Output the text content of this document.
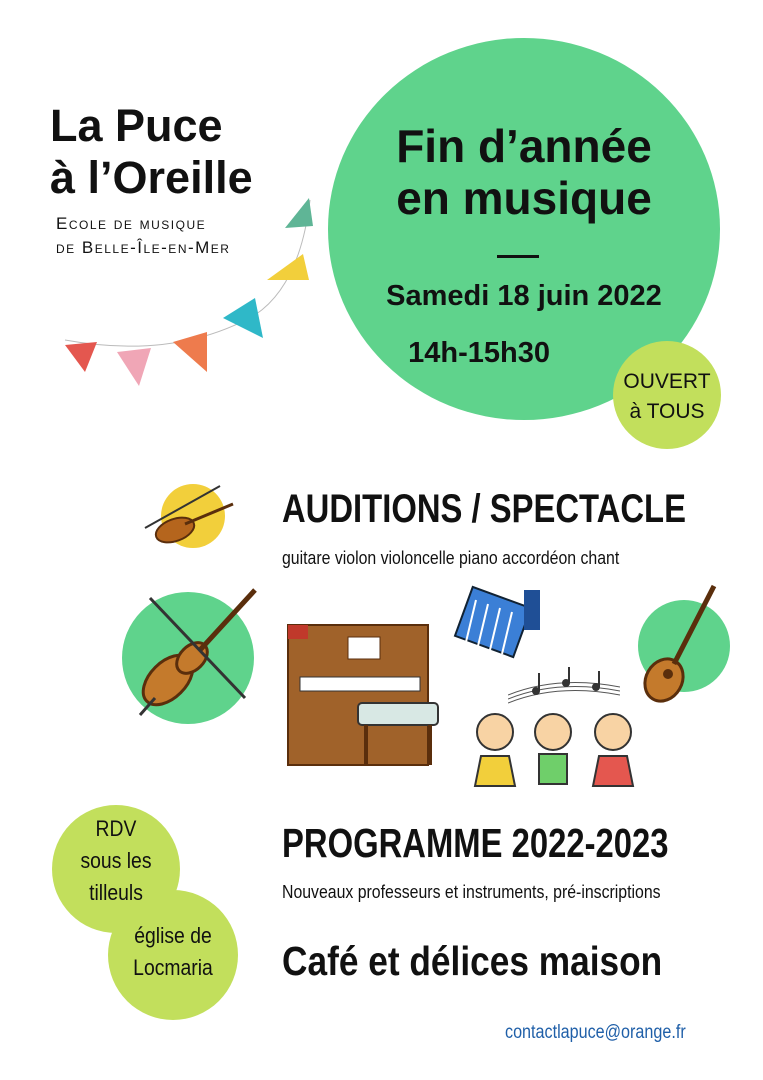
La Puce
à l’Oreille
Ecole de musique
de Belle-Île-en-Mer
Fin d’année
en musique
Samedi 18 juin 2022
14h-15h30
OUVERT
à TOUS
AUDITIONS / SPECTACLE
guitare violon violoncelle piano accordéon chant
PROGRAMME 2022-2023
Nouveaux professeurs et instruments, pré-inscriptions
Café et délices maison
RDV
sous les
tilleuls
église de
Locmaria
contactlapuce@orange.fr
